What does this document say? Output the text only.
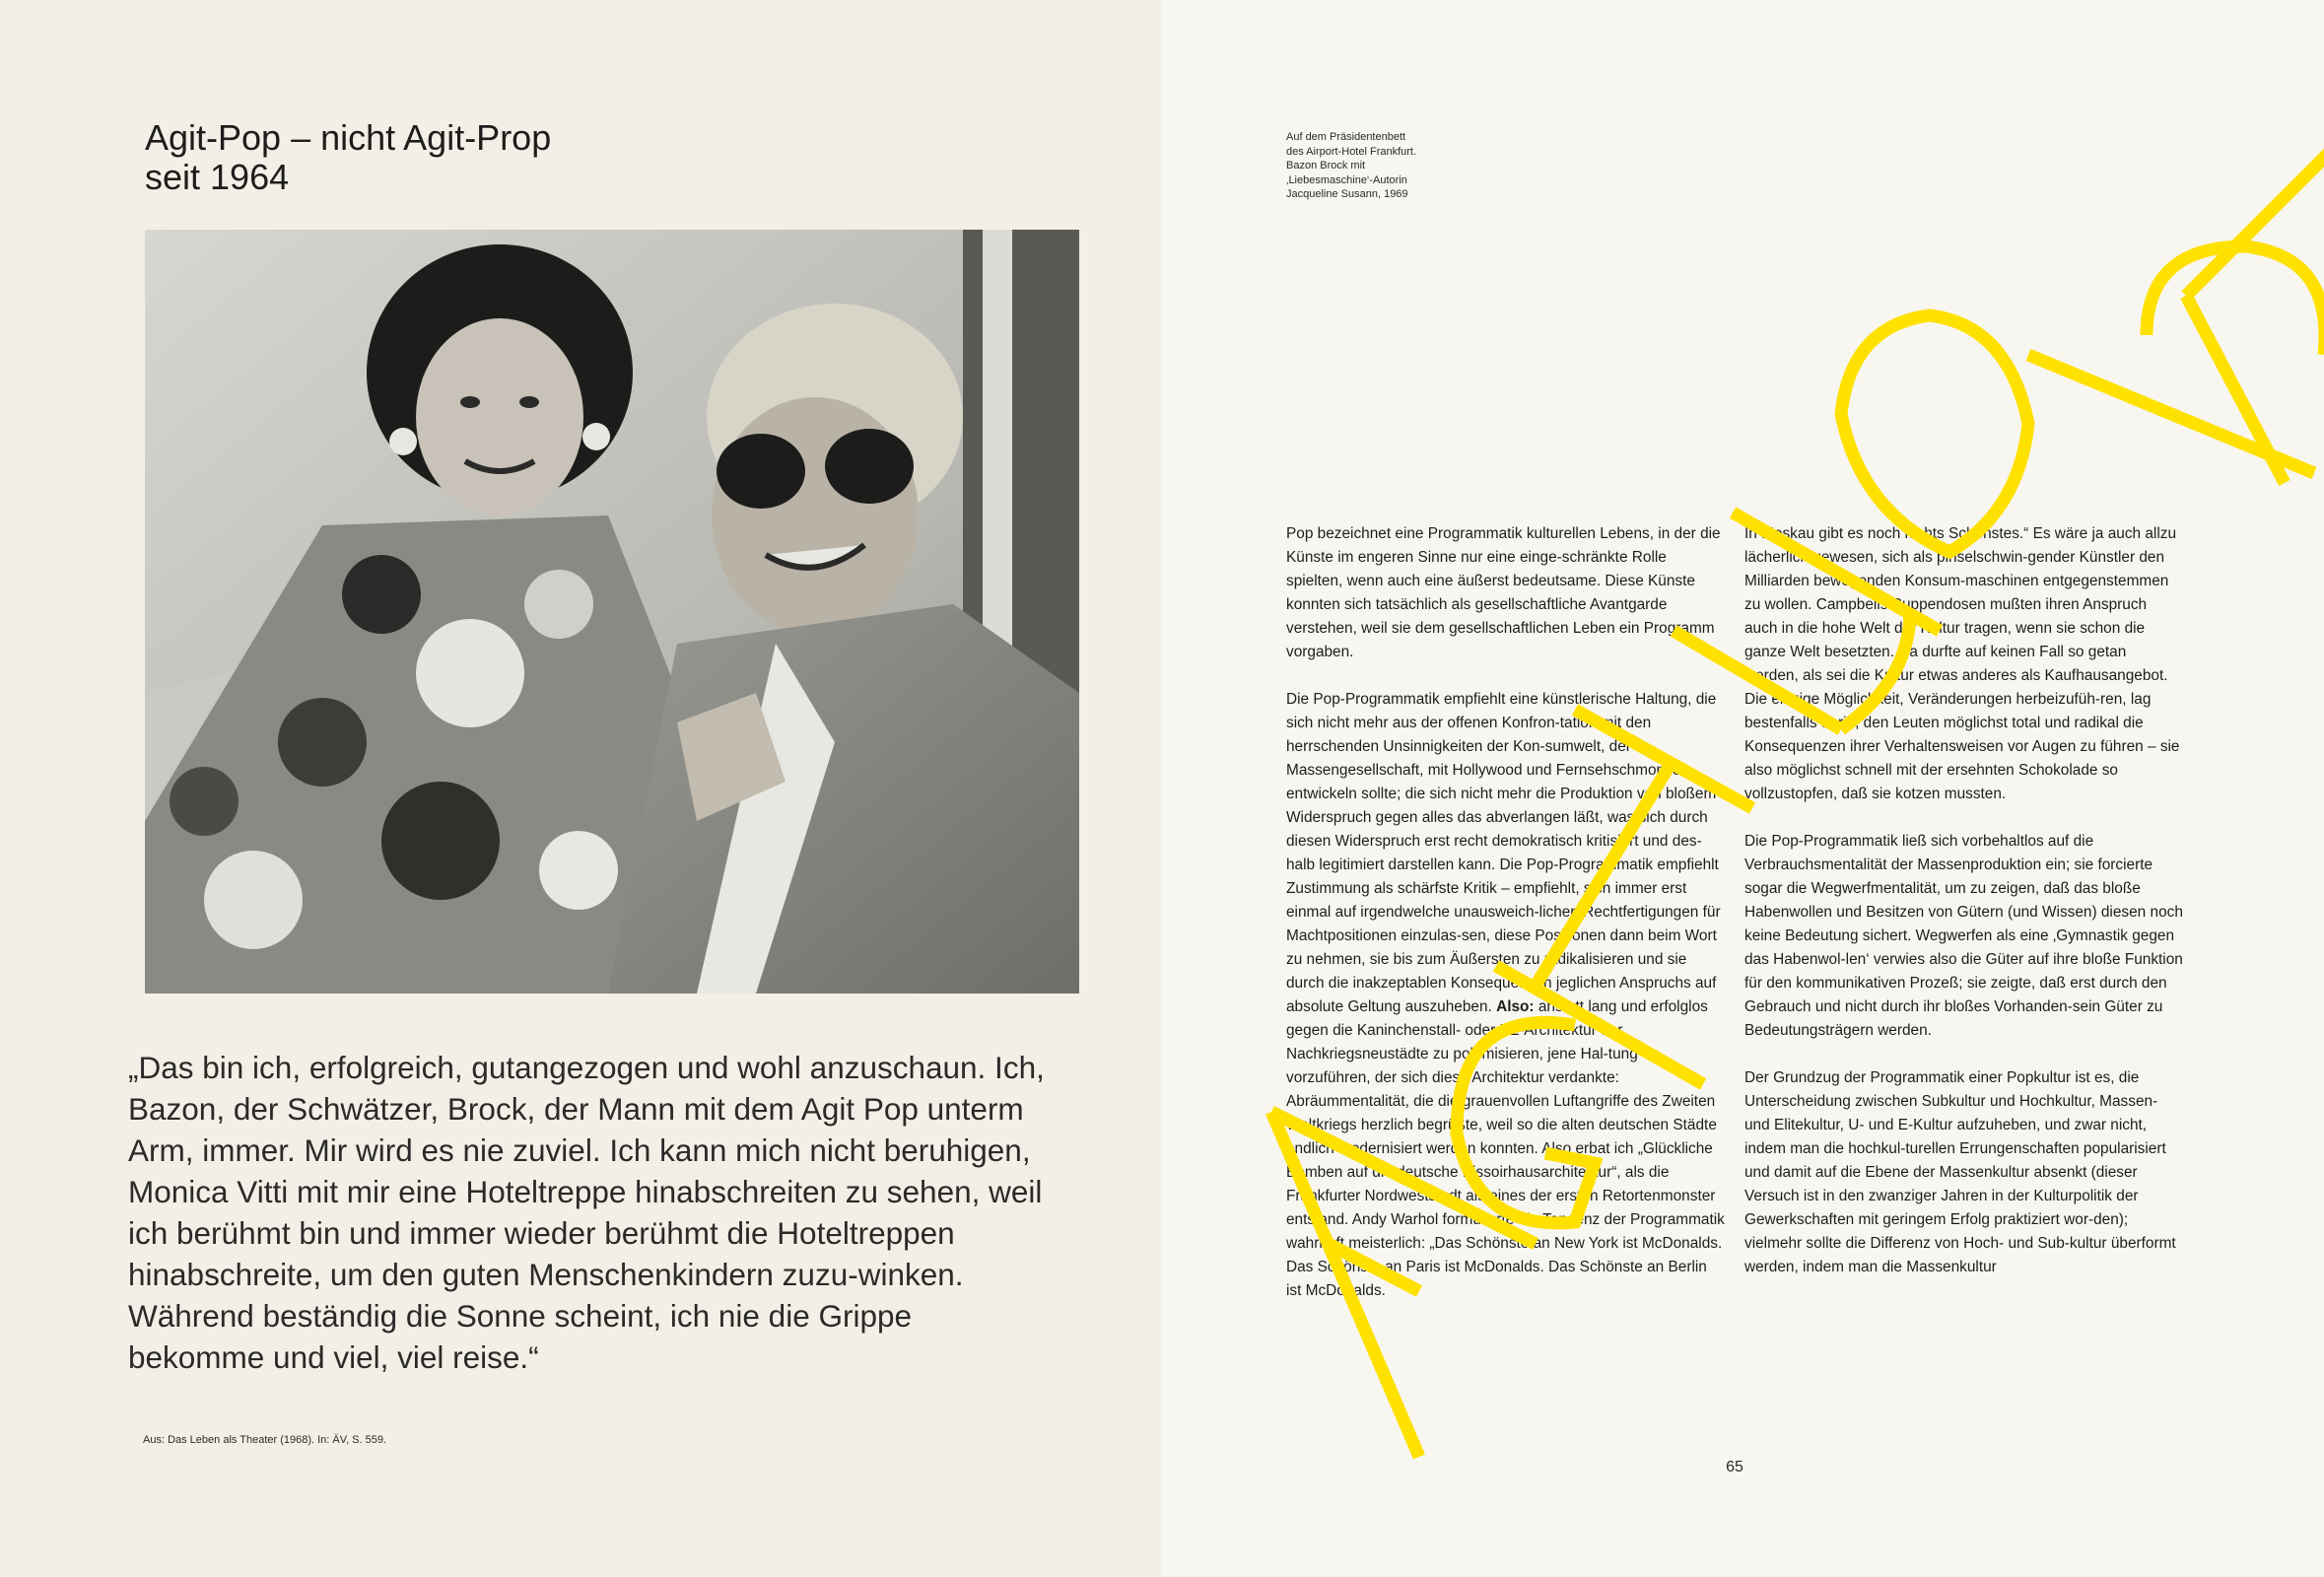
Agit-Pop – nicht Agit-Prop
seit 1964

„Das bin ich, erfolgreich, gutangezogen und wohl anzuschaun. Ich, Bazon, der Schwätzer, Brock, der Mann mit dem Agit Pop unterm Arm, immer. Mir wird es nie zuviel. Ich kann mich nicht beruhigen, Monica Vitti mit mir eine Hoteltreppe hinabschreiten zu sehen, weil ich berühmt bin und immer wieder berühmt die Hoteltreppen hinabschreite, um den guten Menschenkindern zuzu-winken. Während beständig die Sonne scheint, ich nie die Grippe bekomme und viel, viel reise.“

Aus: Das Leben als Theater (1968). In: ÄV, S. 559.
Auf dem Präsidentenbett
des Airport-Hotel Frankfurt.
Bazon Brock mit
‚Liebesmaschine‘-Autorin
Jacqueline Susann, 1969

Pop bezeichnet eine Programmatik kulturellen Lebens, in der die Künste im engeren Sinne nur eine einge-schränkte Rolle spielten, wenn auch eine äußerst bedeutsame. Diese Künste konnten sich tatsächlich als gesellschaftliche Avantgarde verstehen, weil sie dem gesellschaftlichen Leben ein Programm vorgaben.

Die Pop-Programmatik empfiehlt eine künstlerische Haltung, die sich nicht mehr aus der offenen Konfron-tation mit den herrschenden Unsinnigkeiten der Kon-sumwelt, der Massengesellschaft, mit Hollywood und Fernsehschmonzes entwickeln sollte; die sich nicht mehr die Produktion von bloßem Widerspruch gegen alles das abverlangen läßt, was sich durch diesen Widerspruch erst recht demokratisch kritisiert und des-halb legitimiert darstellen kann. Die Pop-Programmatik empfiehlt Zustimmung als schärfste Kritik – empfiehlt, sich immer erst einmal auf irgendwelche unausweich-lichen Rechtfertigungen für Machtpositionen einzulas-sen, diese Positionen dann beim Wort zu nehmen, sie bis zum Äußersten zu radikalisieren und sie durch die inakzeptablen Konsequenzen jeglichen Anspruchs auf absolute Geltung auszuheben. Also: anstatt lang und erfolglos gegen die Kaninchenstall- oder KZ-Architektur der Nachkriegsneustädte zu polemisieren, jene Hal-tung vorzuführen, der sich diese Architektur verdankte: Abräummentalität, die die grauenvollen Luftangriffe des Zweiten Weltkriegs herzlich begrüßte, weil so die alten deutschen Städte endlich modernisiert werden konnten. Also erbat ich „Glückliche Bomben auf die deutsche Pissoirhausarchitektur“, als die Frankfurter Nordweststadt als eines der ersten Retortenmonster entstand. Andy Warhol formulierte die Tendenz der Programmatik wahrhaft meisterlich: „Das Schönste an New York ist McDonalds. Das Schönste an Paris ist McDonalds. Das Schönste an Berlin ist McDonalds.

In Moskau gibt es noch nichts Schönstes.“ Es wäre ja auch allzu lächerlich gewesen, sich als pinselschwin-gender Künstler den Milliarden bewegenden Konsum-maschinen entgegenstemmen zu wollen. Campbells Suppendosen mußten ihren Anspruch auch in die hohe Welt der Kultur tragen, wenn sie schon die ganze Welt besetzten. Da durfte auf keinen Fall so getan werden, als sei die Kultur etwas anderes als Kaufhausangebot. Die einzige Möglichkeit, Veränderungen herbeizufüh-ren, lag bestenfalls darin, den Leuten möglichst total und radikal die Konsequenzen ihrer Verhaltensweisen vor Augen zu führen – sie also möglichst schnell mit der ersehnten Schokolade so vollzustopfen, daß sie kotzen mussten.

Die Pop-Programmatik ließ sich vorbehaltlos auf die Verbrauchsmentalität der Massenproduktion ein; sie forcierte sogar die Wegwerfmentalität, um zu zeigen, daß das bloße Habenwollen und Besitzen von Gütern (und Wissen) diesen noch keine Bedeutung sichert. Wegwerfen als eine ‚Gymnastik gegen das Habenwol-len‘ verwies also die Güter auf ihre bloße Funktion für den kommunikativen Prozeß; sie zeigte, daß erst durch den Gebrauch und nicht durch ihr bloßes Vorhanden-sein Güter zu Bedeutungsträgern werden.

Der Grundzug der Programmatik einer Popkultur ist es, die Unterscheidung zwischen Subkultur und Hochkultur, Massen- und Elitekultur, U- und E-Kultur aufzuheben, und zwar nicht, indem man die hochkul-turellen Errungenschaften popularisiert und damit auf die Ebene der Massenkultur absenkt (dieser Versuch ist in den zwanziger Jahren in der Kulturpolitik der Gewerkschaften mit geringem Erfolg praktiziert wor-den); vielmehr sollte die Differenz von Hoch- und Sub-kultur überformt werden, indem man die Massenkultur

65
